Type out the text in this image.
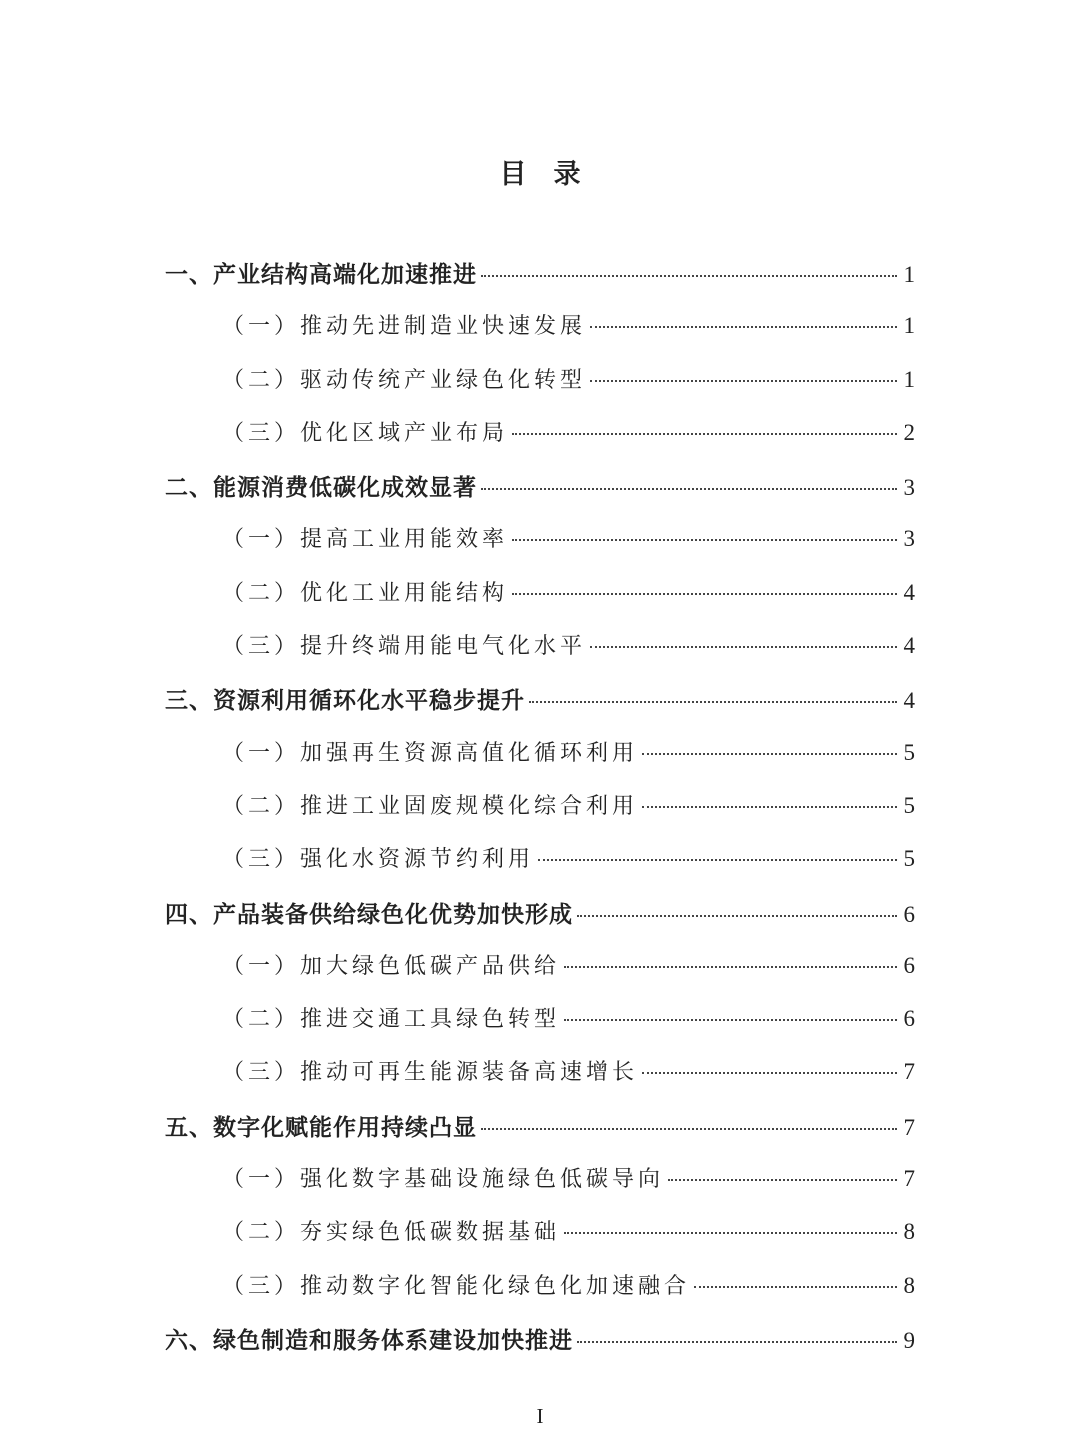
目　录
一、产业结构高端化加速推进	1
（一）推动先进制造业快速发展	1
（二）驱动传统产业绿色化转型	1
（三）优化区域产业布局	2
二、能源消费低碳化成效显著	3
（一）提高工业用能效率	3
（二）优化工业用能结构	4
（三）提升终端用能电气化水平	4
三、资源利用循环化水平稳步提升	4
（一）加强再生资源高值化循环利用	5
（二）推进工业固废规模化综合利用	5
（三）强化水资源节约利用	5
四、产品装备供给绿色化优势加快形成	6
（一）加大绿色低碳产品供给	6
（二）推进交通工具绿色转型	6
（三）推动可再生能源装备高速增长	7
五、数字化赋能作用持续凸显	7
（一）强化数字基础设施绿色低碳导向	7
（二）夯实绿色低碳数据基础	8
（三）推动数字化智能化绿色化加速融合	8
六、绿色制造和服务体系建设加快推进	9
I
